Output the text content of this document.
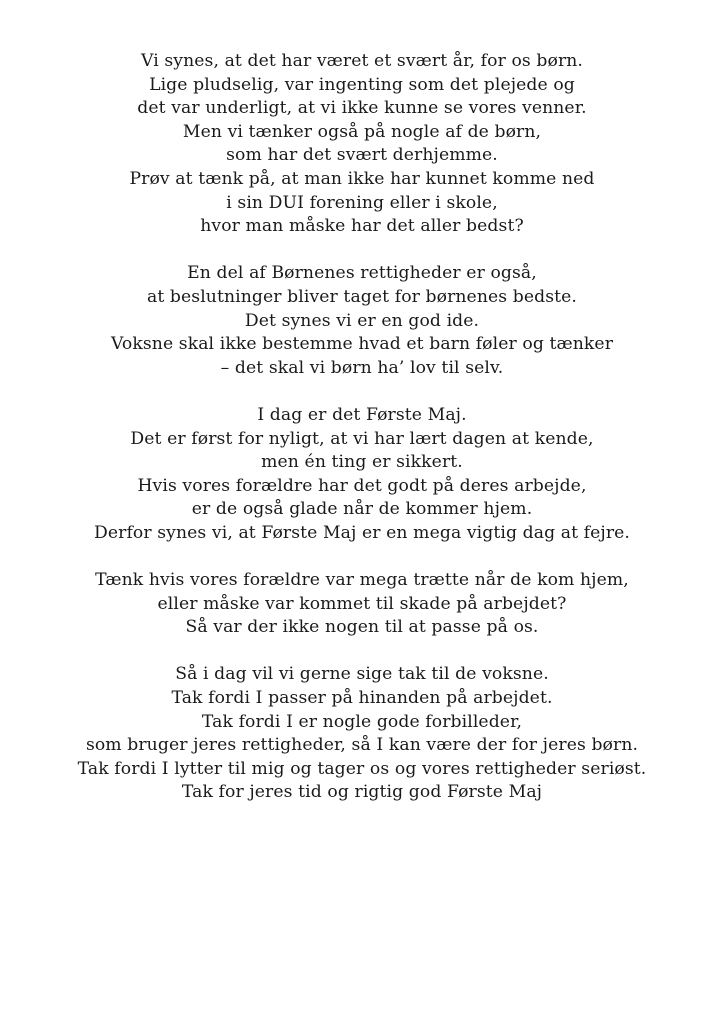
Vi synes, at det har været et svært år, for os børn.
Lige pludselig, var ingenting som det plejede og
det var underligt, at vi ikke kunne se vores venner.
Men vi tænker også på nogle af de børn,
som har det svært derhjemme.
Prøv at tænk på, at man ikke har kunnet komme ned
i sin DUI forening eller i skole,
hvor man måske har det aller bedst?
En del af Børnenes rettigheder er også,
at beslutninger bliver taget for børnenes bedste.
Det synes vi er en god ide.
Voksne skal ikke bestemme hvad et barn føler og tænker
– det skal vi børn ha’ lov til selv.
I dag er det Første Maj.
Det er først for nyligt, at vi har lært dagen at kende,
men én ting er sikkert.
Hvis vores forældre har det godt på deres arbejde,
er de også glade når de kommer hjem.
Derfor synes vi, at Første Maj er en mega vigtig dag at fejre.
Tænk hvis vores forældre var mega trætte når de kom hjem,
eller måske var kommet til skade på arbejdet?
Så var der ikke nogen til at passe på os.
Så i dag vil vi gerne sige tak til de voksne.
Tak fordi I passer på hinanden på arbejdet.
Tak fordi I er nogle gode forbilleder,
som bruger jeres rettigheder, så I kan være der for jeres børn.
Tak fordi I lytter til mig og tager os og vores rettigheder seriøst.
Tak for jeres tid og rigtig god Første Maj
